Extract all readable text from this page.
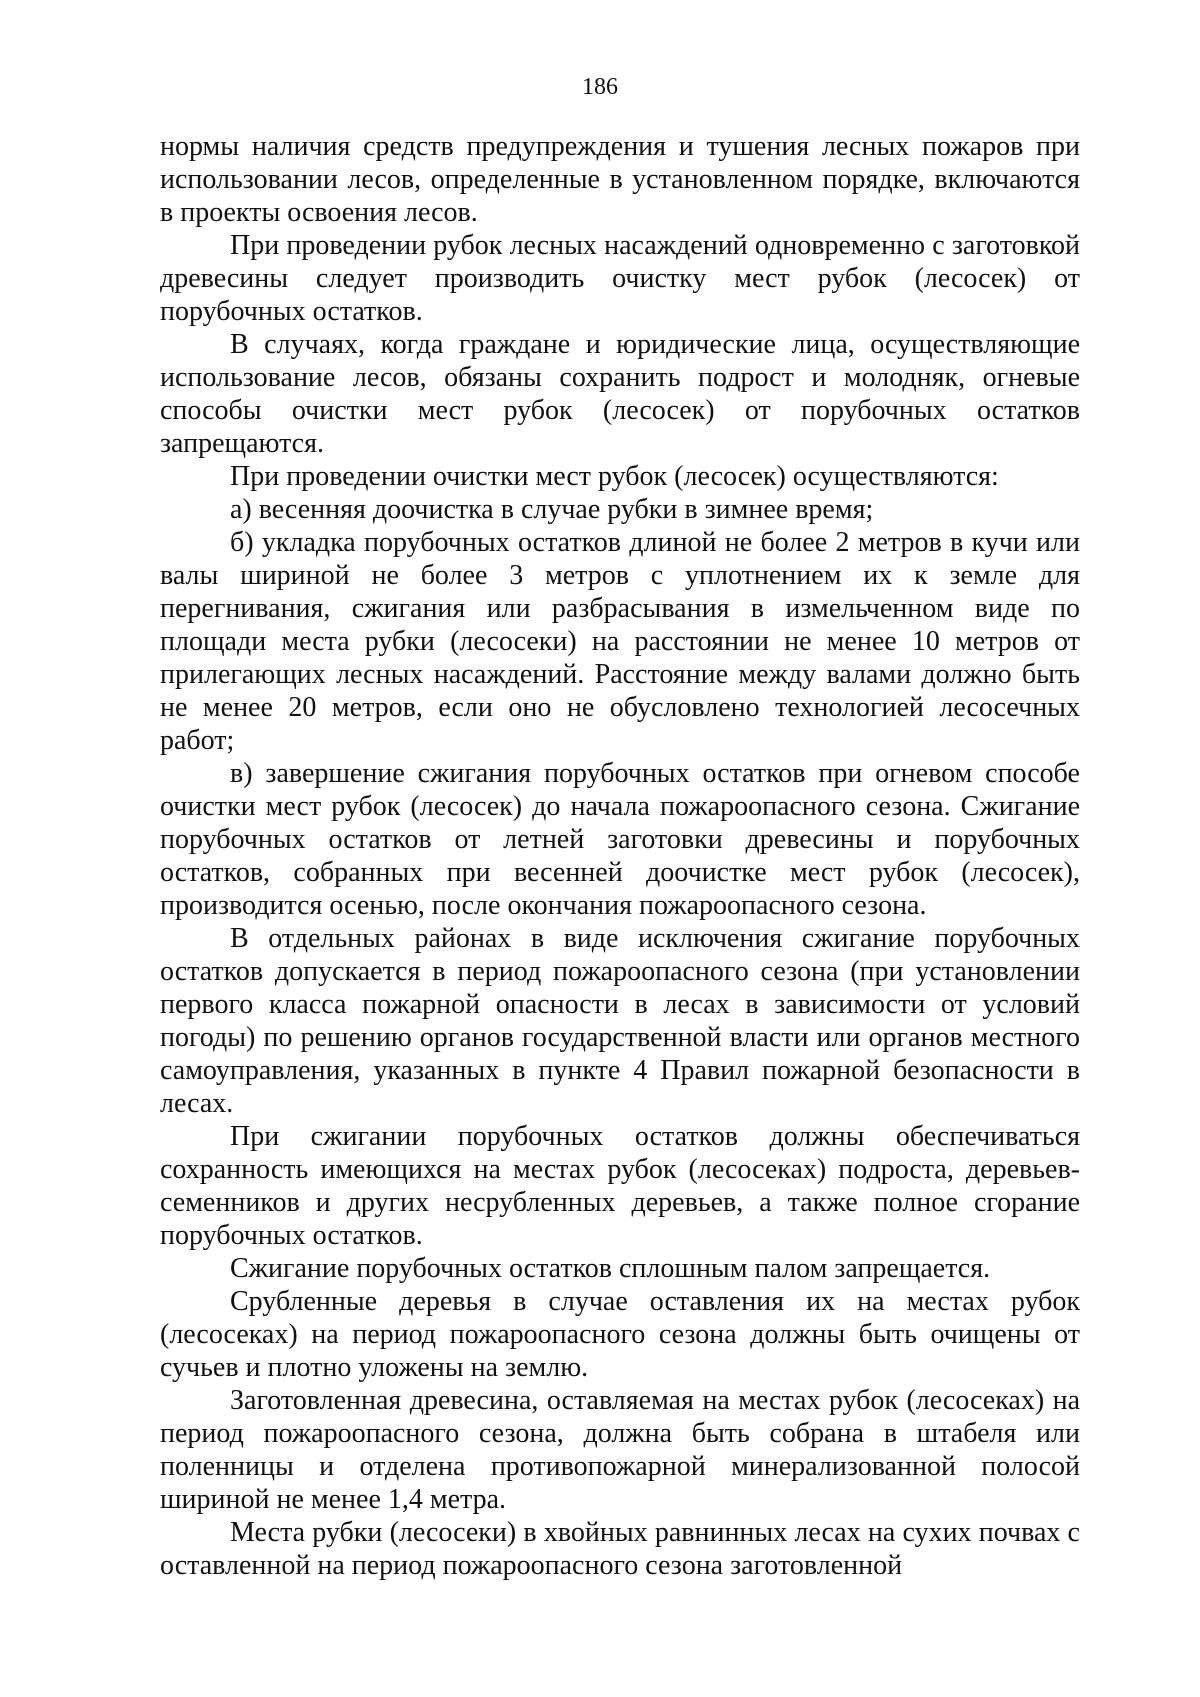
186

нормы наличия средств предупреждения и тушения лесных пожаров при использовании лесов, определенные в установленном порядке, включаются в проекты освоения лесов.

При проведении рубок лесных насаждений одновременно с заготовкой древесины следует производить очистку мест рубок (лесосек) от порубочных остатков.

В случаях, когда граждане и юридические лица, осуществляющие использование лесов, обязаны сохранить подрост и молодняк, огневые способы очистки мест рубок (лесосек) от порубочных остатков запрещаются.

При проведении очистки мест рубок (лесосек) осуществляются:

а) весенняя доочистка в случае рубки в зимнее время;

б) укладка порубочных остатков длиной не более 2 метров в кучи или валы шириной не более 3 метров с уплотнением их к земле для перегнивания, сжигания или разбрасывания в измельченном виде по площади места рубки (лесосеки) на расстоянии не менее 10 метров от прилегающих лесных насаждений. Расстояние между валами должно быть не менее 20 метров, если оно не обусловлено технологией лесосечных работ;

в) завершение сжигания порубочных остатков при огневом способе очистки мест рубок (лесосек) до начала пожароопасного сезона. Сжигание порубочных остатков от летней заготовки древесины и порубочных остатков, собранных при весенней доочистке мест рубок (лесосек), производится осенью, после окончания пожароопасного сезона.

В отдельных районах в виде исключения сжигание порубочных остатков допускается в период пожароопасного сезона (при установлении первого класса пожарной опасности в лесах в зависимости от условий погоды) по решению органов государственной власти или органов местного самоуправления, указанных в пункте 4 Правил пожарной безопасности в лесах.

При сжигании порубочных остатков должны обеспечиваться сохранность имеющихся на местах рубок (лесосеках) подроста, деревьев-семенников и других несрубленных деревьев, а также полное сгорание порубочных остатков.

Сжигание порубочных остатков сплошным палом запрещается.

Срубленные деревья в случае оставления их на местах рубок (лесосеках) на период пожароопасного сезона должны быть очищены от сучьев и плотно уложены на землю.

Заготовленная древесина, оставляемая на местах рубок (лесосеках) на период пожароопасного сезона, должна быть собрана в штабеля или поленницы и отделена противопожарной минерализованной полосой шириной не менее 1,4 метра.

Места рубки (лесосеки) в хвойных равнинных лесах на сухих почвах с оставленной на период пожароопасного сезона заготовленной
